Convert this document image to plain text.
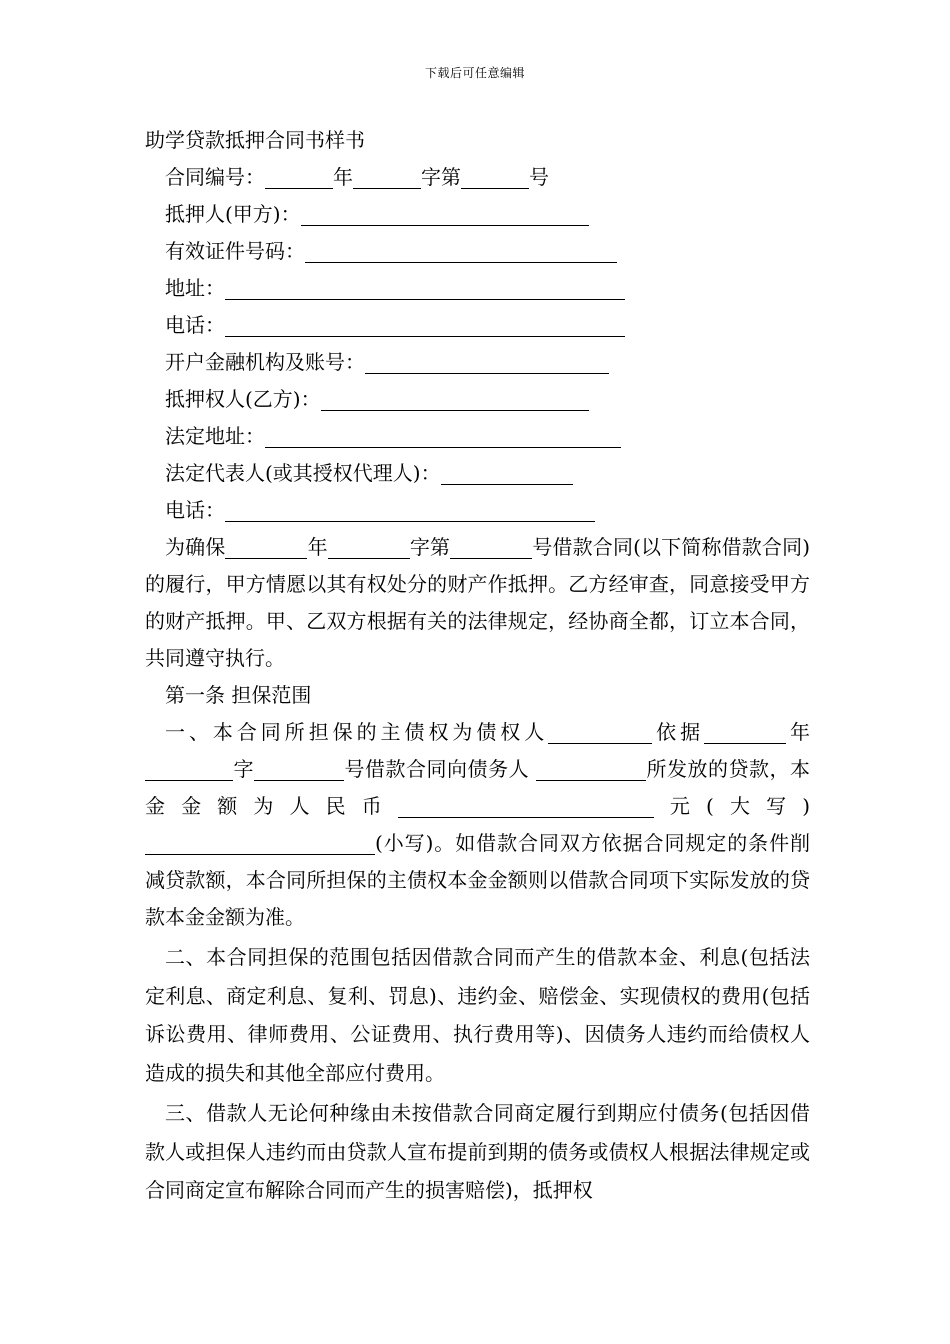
下载后可任意编辑
助学贷款抵押合同书样书
合同编号：	年	字第	号
抵押人(甲方)：
有效证件号码：
地址：
电话：
开户金融机构及账号：
抵押权人(乙方)：
法定地址：
法定代表人(或其授权代理人)：
电话：
为确保	年	字第	号借款合同(以下简称借款合同)的履行，甲方情愿以其有权处分的财产作抵押。乙方经审查，同意接受甲方的财产抵押。甲、乙双方根据有关的法律规定，经协商全都，订立本合同，共同遵守执行。
第一条 担保范围
一、本合同所担保的主债权为债权人	依据	年字	号借款合同向债务人	所发放的贷款，本金金额为人民币	元(大写)(小写)。如借款合同双方依据合同规定的条件削减贷款额，本合同所担保的主债权本金金额则以借款合同项下实际发放的贷款本金金额为准。
二、本合同担保的范围包括因借款合同而产生的借款本金、利息(包括法定利息、商定利息、复利、罚息)、违约金、赔偿金、实现债权的费用(包括诉讼费用、律师费用、公证费用、执行费用等)、因债务人违约而给债权人造成的损失和其他全部应付费用。
三、借款人无论何种缘由未按借款合同商定履行到期应付债务(包括因借款人或担保人违约而由贷款人宣布提前到期的债务或债权人根据法律规定或合同商定宣布解除合同而产生的损害赔偿)，抵押权
